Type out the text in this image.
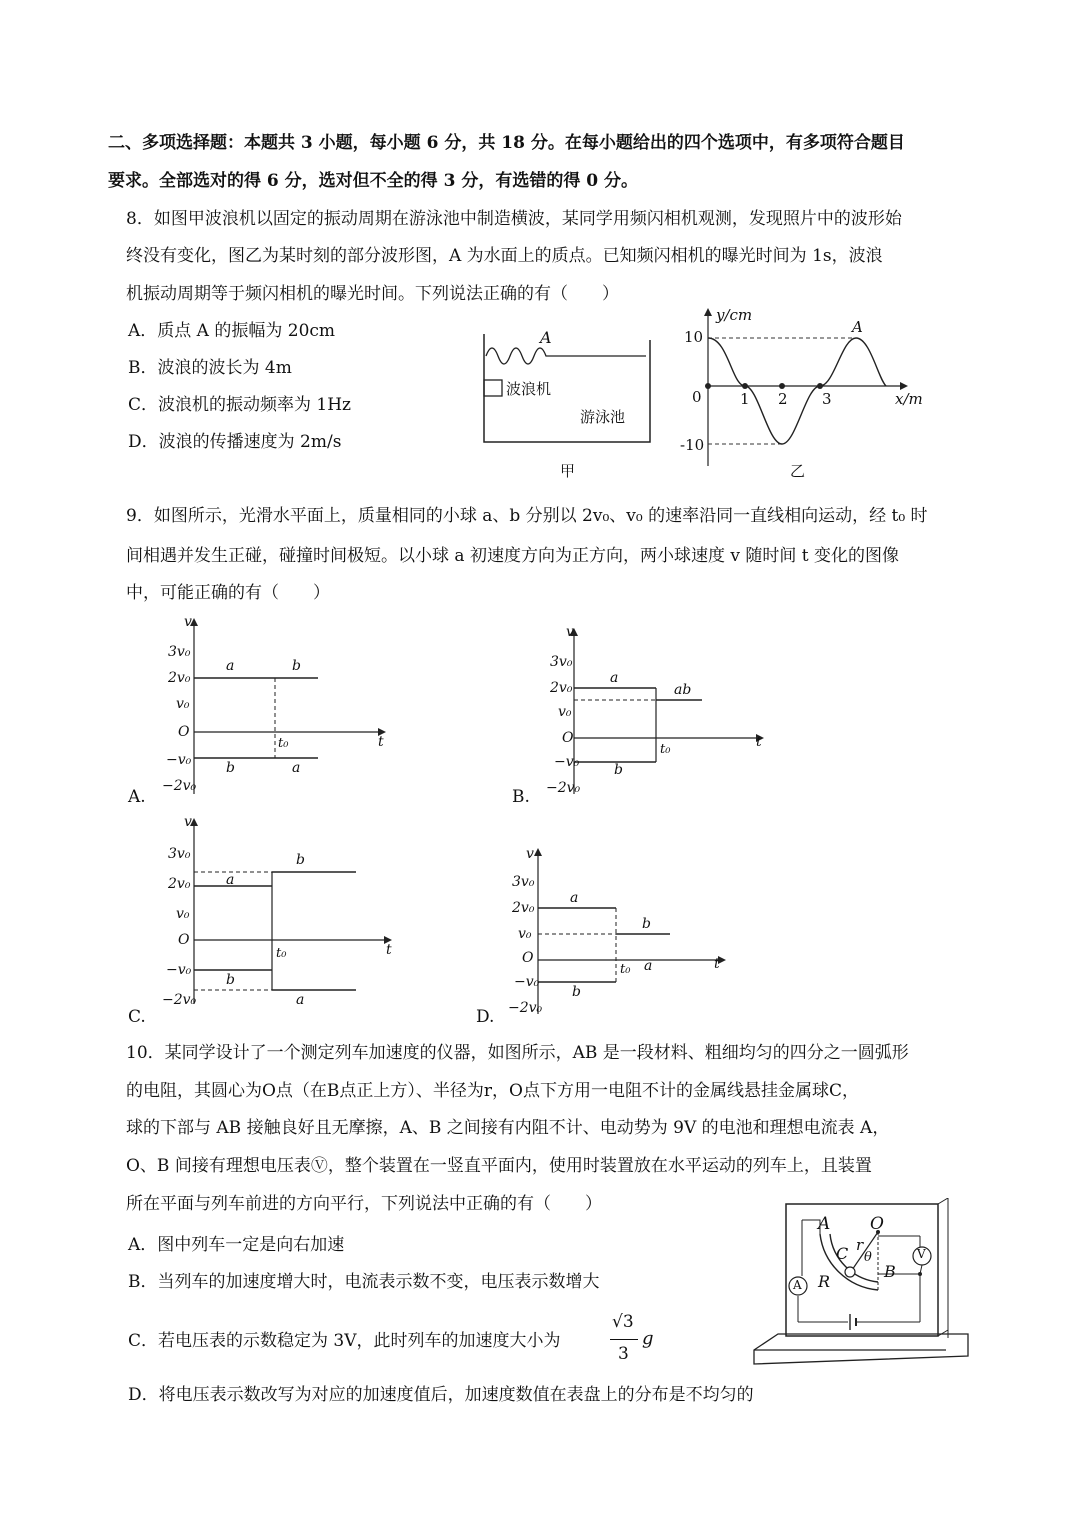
二、多项选择题：本题共 3 小题，每小题 6 分，共 18 分。在每小题给出的四个选项中，有多项符合题目
要求。全部选对的得 6 分，选对但不全的得 3 分，有选错的得 0 分。
8．如图甲波浪机以固定的振动周期在游泳池中制造横波，某同学用频闪相机观测，发现照片中的波形始
终没有变化，图乙为某时刻的部分波形图，A 为水面上的质点。已知频闪相机的曝光时间为 1s，波浪
机振动周期等于频闪相机的曝光时间。下列说法正确的有（　　）
A．质点 A 的振幅为 20cm
B．波浪的波长为 4m
C．波浪机的振动频率为 1Hz
D．波浪的传播速度为 2m/s
A
波浪机
游泳池
甲
y/cm
10
0
-10
1 2 3	x/m
A
乙
9．如图所示，光滑水平面上，质量相同的小球 a、b 分别以 2v₀、v₀ 的速率沿同一直线相向运动，经 t₀ 时
间相遇并发生正碰，碰撞时间极短。以小球 a 初速度方向为正方向，两小球速度 v 随时间 t 变化的图像
中，可能正确的有（　　）
v
3v₀
2v₀
v₀
O
−v₀
−2v₀
a	b
t₀	t
b	a
A.
v
3v₀
2v₀
v₀
O
−v₀
−2v₀
a
ab
t₀	t
b
B.
v
3v₀
2v₀
v₀
O
−v₀
−2v₀
b
a
t₀	t
b
a
C.
v
3v₀
2v₀
v₀
O
−v₀
−2v₀
a
b
t₀ a	t
b
D.
10．某同学设计了一个测定列车加速度的仪器，如图所示，AB 是一段材料、粗细均匀的四分之一圆弧形
的电阻，其圆心为O点（在B点正上方）、半径为r，O点下方用一电阻不计的金属线悬挂金属球C，
球的下部与 AB 接触良好且无摩擦，A、B 之间接有内阻不计、电动势为 9V 的电池和理想电流表 A，
O、B 间接有理想电压表Ⓥ，整个装置在一竖直平面内，使用时装置放在水平运动的列车上，且装置
所在平面与列车前进的方向平行，下列说法中正确的有（　　）
A．图中列车一定是向右加速
B．当列车的加速度增大时，电流表示数不变，电压表示数增大
C．若电压表的示数稳定为 3V，此时列车的加速度大小为
√3
3
g
D．将电压表示数改写为对应的加速度值后，加速度数值在表盘上的分布是不均匀的
A O
C r
θ
B
V
A R
